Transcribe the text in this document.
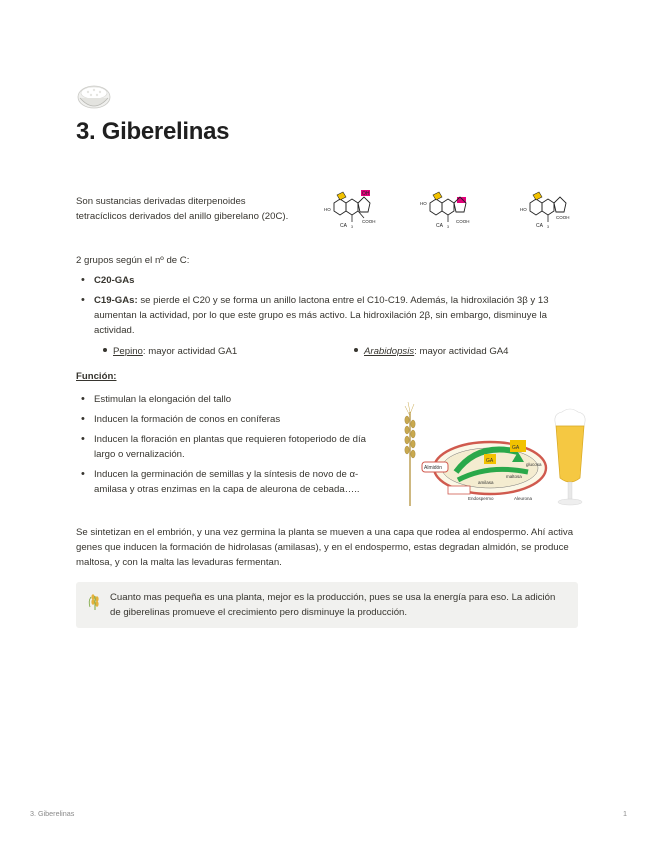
3. Giberelinas
Son sustancias derivadas diterpenoides tetracíclicos derivados del anillo giberelano (20C).
OH
HO
COOH
CA 3
HO
COOH
CA 3
HO
COOH
CA 3
2 grupos según el nº de C:
• C20-GAs
• C19-GAs: se pierde el C20 y se forma un anillo lactona entre el C10-C19. Además, la hidroxilación 3β y 13 aumentan la actividad, por lo que este grupo es más activo. La hidroxilación 2β, sin embargo, disminuye la actividad.
Pepino: mayor actividad GA1	Arabidopsis: mayor actividad GA4
Función:
• Estimulan la elongación del tallo
• Inducen la formación de conos en coníferas
• Inducen la floración en plantas que requieren fotoperiodo de día largo o vernalización.
• Inducen la germinación de semillas y la síntesis de novo de α-amilasa y otras enzimas en la capa de aleurona de cebada…..
Almidón
GA
GA
Endospermo	Aleurona
amilasa
maltosa
glucosa
Se sintetizan en el embrión, y una vez germina la planta se mueven a una capa que rodea al endospermo. Ahí activa genes que inducen la formación de hidrolasas (amilasas), y en el endospermo, estas degradan almidón, se produce maltosa, y con la malta las levaduras fermentan.
Cuanto mas pequeña es una planta, mejor es la producción, pues se usa la energía para eso. La adición de giberelinas promueve el crecimiento pero disminuye la producción.
3. Giberelinas	1
